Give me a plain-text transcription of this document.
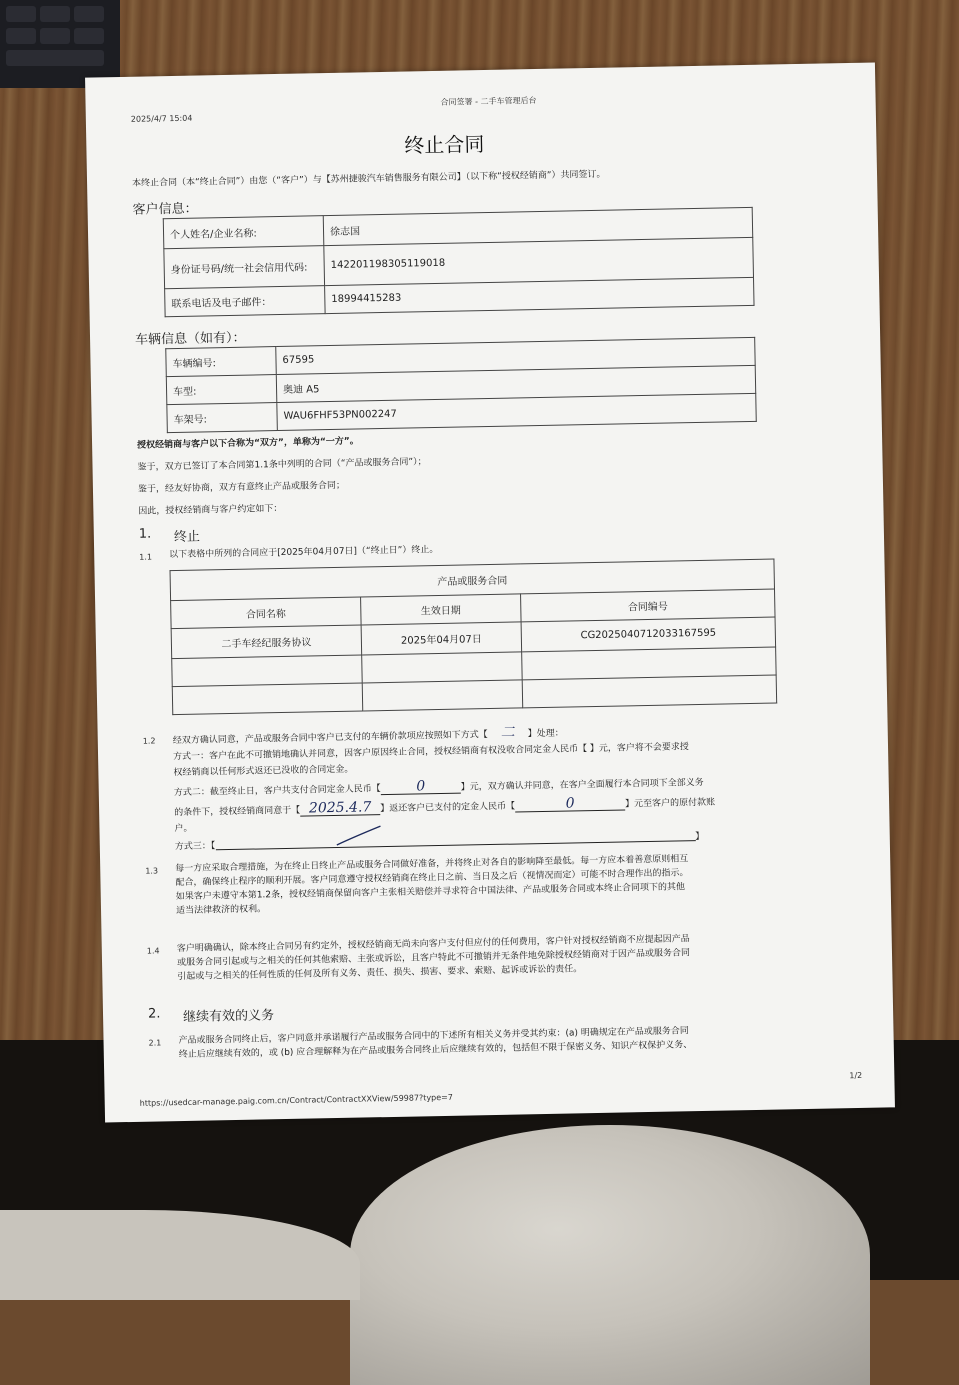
2025/4/7 15:04
合同签署 - 二手车管理后台
终止合同
本终止合同（本“终止合同”）由您（“客户”）与【苏州捷骏汽车销售服务有限公司】（以下称“授权经销商”）共同签订。
客户信息：
个人姓名/企业名称:	徐志国
身份证号码/统一社会信用代码:	142201198305119018
联系电话及电子邮件：	18994415283
车辆信息（如有）：
车辆编号:	67595
车型:	奥迪 A5
车架号:	WAU6FHF53PN002247
授权经销商与客户以下合称为“双方”，单称为“一方”。
鉴于，双方已签订了本合同第1.1条中列明的合同（“产品或服务合同”）；
鉴于，经友好协商，双方有意终止产品或服务合同；
因此，授权经销商与客户约定如下：
1. 终止
1.1 以下表格中所列的合同应于[2025年04月07日]（“终止日”）终止。
产品或服务合同		
合同名称	生效日期	合同编号
二手车经纪服务协议	2025年04月07日	CG2025040712033167595

1.2 经双方确认同意，产品或服务合同中客户已支付的车辆价款项应按照如下方式【 二 】处理：
方式一：客户在此不可撤销地确认并同意，因客户原因终止合同，授权经销商有权没收合同定金人民币【 】元，客户将不会要求授
权经销商以任何形式返还已没收的合同定金。
方式二：截至终止日，客户共支付合同定金人民币【	0	】元，双方确认并同意，在客户全面履行本合同项下全部义务
的条件下，授权经销商同意于【 2025.4.7 】返还客户已支付的定金人民币【	0	】元至客户的原付款账
户。
方式三：【】
1.3 每一方应采取合理措施，为在终止日终止产品或服务合同做好准备，并将终止对各自的影响降至最低。每一方应本着善意原则相互
配合，确保终止程序的顺利开展。客户同意遵守授权经销商在终止日之前、当日及之后（视情况而定）可能不时合理作出的指示。
如果客户未遵守本第1.2条，授权经销商保留向客户主张相关赔偿并寻求符合中国法律、产品或服务合同或本终止合同项下的其他
适当法律救济的权利。
1.4 客户明确确认，除本终止合同另有约定外，授权经销商无尚未向客户支付但应付的任何费用，客户针对授权经销商不应提起因产品
或服务合同引起或与之相关的任何其他索赔、主张或诉讼，且客户特此不可撤销并无条件地免除授权经销商对于因产品或服务合同
引起或与之相关的任何性质的任何及所有义务、责任、损失、损害、要求、索赔、起诉或诉讼的责任。
2. 继续有效的义务
2.1 产品或服务合同终止后，客户同意并承诺履行产品或服务合同中的下述所有相关义务并受其约束：(a) 明确规定在产品或服务合同
终止后应继续有效的，或 (b) 应合理解释为在产品或服务合同终止后应继续有效的，包括但不限于保密义务、知识产权保护义务、
https://usedcar-manage.paig.com.cn/Contract/ContractXXView/59987?type=7
1/2
